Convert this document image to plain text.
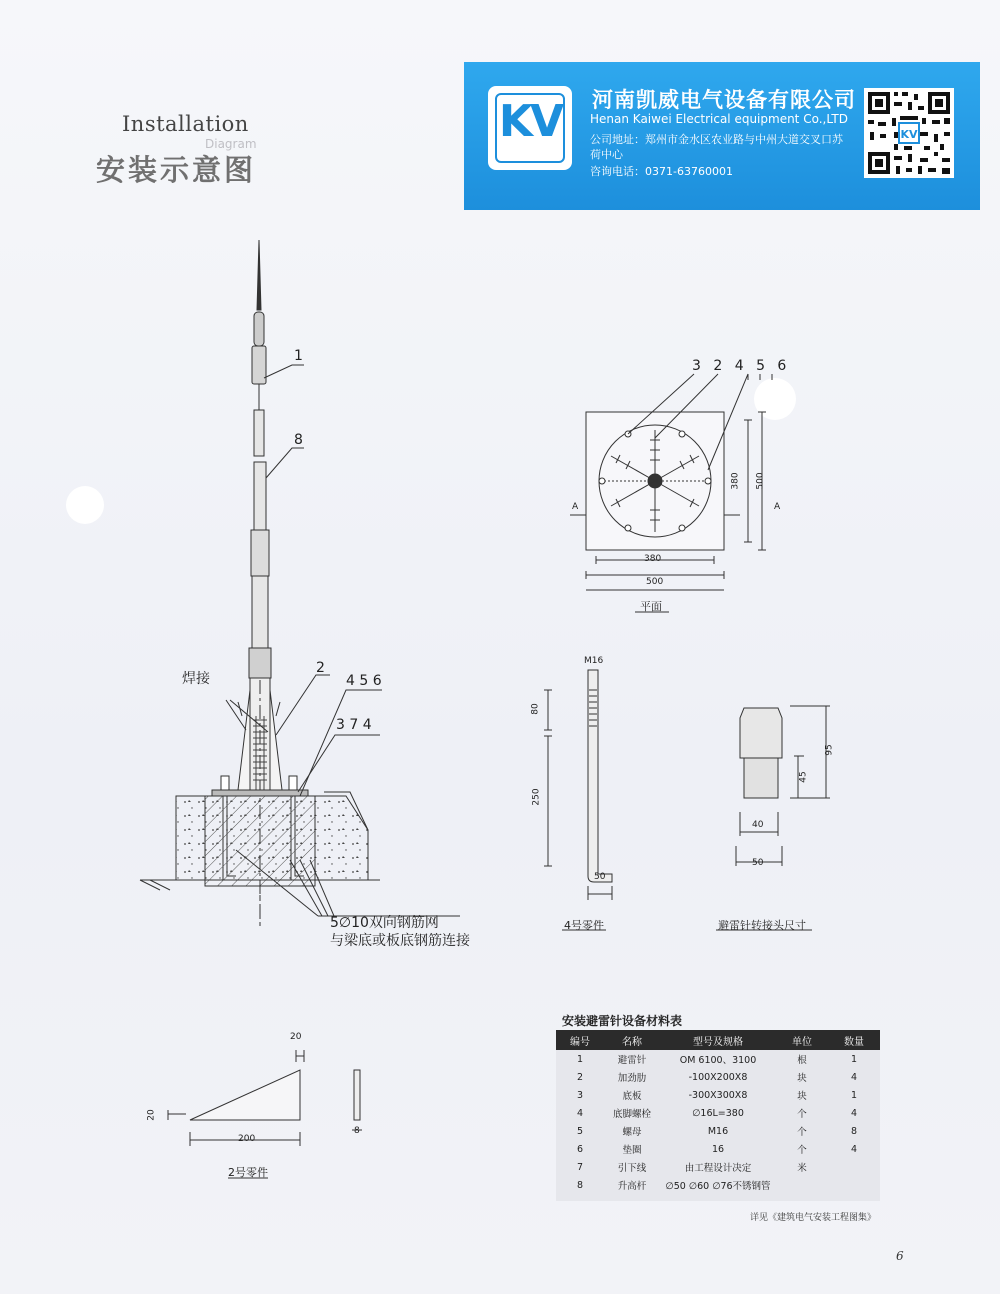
Installation
Diagram
安装示意图
KV	河南凯威电气设备有限公司
Henan Kaiwei Electrical equipment Co.,LTD
公司地址：郑州市金水区农业路与中州大道交叉口苏荷中心
咨询电话：0371-63760001
KV
1
8
2
4 5 6
3 7 4
焊接
5∅10双向钢筋网
与梁底或板底钢筋连接
3 2 4 5 6
380
500
380 500
A	A
平面
M16
80
250
50
4号零件
95
45
40
50
避雷针转接头尺寸
20
20
200
8
2号零件
安装避雷针设备材料表
编号	名称	型号及规格	单位	数量
1	避雷针	OM 6100、3100	根	1
2	加劲肋	-100X200X8	块	4
3	底板	-300X300X8	块	1
4	底脚螺栓	∅16L=380	个	4
5	螺母	M16	个	8
6	垫圈	16	个	4
7	引下线	由工程设计决定	米
8	升高杆	∅50 ∅60 ∅76不锈钢管
详见《建筑电气安装工程图集》
6
